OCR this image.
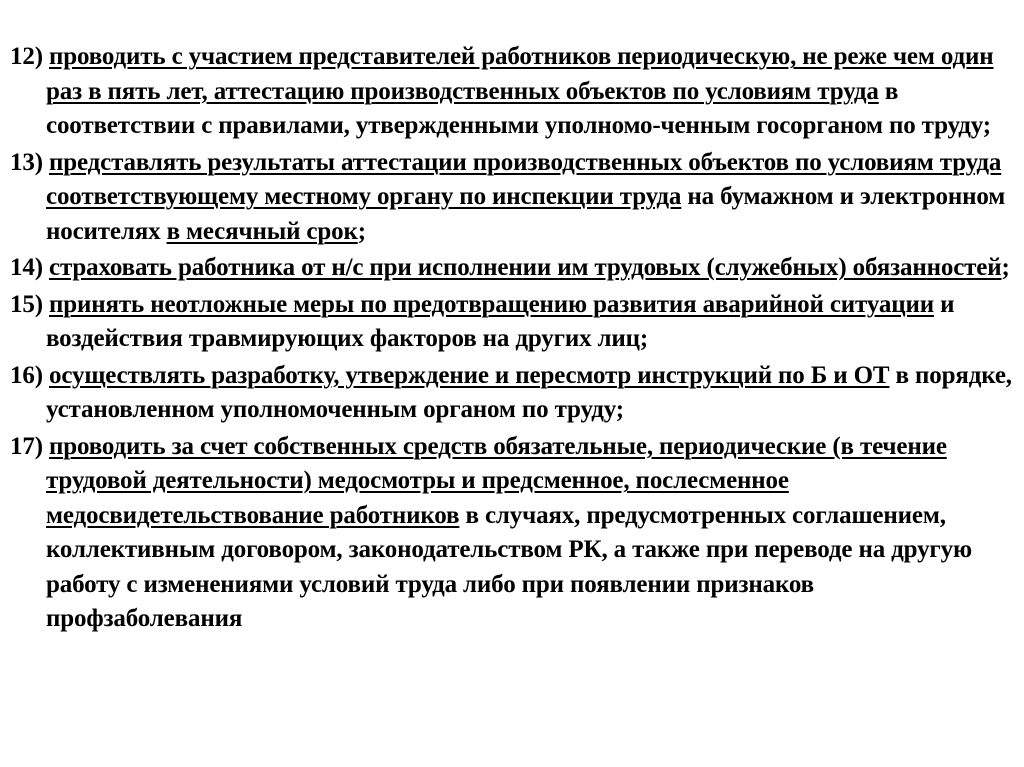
12) проводить с участием представителей работников периодическую, не реже чем один раз в пять лет, аттестацию производственных объектов по условиям труда в соответствии с правилами, утвержденными уполномо-ченным госорганом по труду;
13) представлять результаты аттестации производственных объектов по условиям труда соответствующему местному органу по инспекции труда на бумажном и электронном носителях в месячный срок;
14) страховать работника от н/с при исполнении им трудовых (служебных) обязанностей;
15) принять неотложные меры по предотвращению развития аварийной ситуации и воздействия травмирующих факторов на других лиц;
16) осуществлять разработку, утверждение и пересмотр инструкций по Б и ОТ в порядке, установленном уполномоченным органом по труду;
17) проводить за счет собственных средств обязательные, периодические (в течение трудовой деятельности) медосмотры и предсменное, послесменное медосвидетельствование работников в случаях, предусмотренных соглашением, коллективным договором, законодательством РК, а также при переводе на другую работу с изменениями условий труда либо при появлении признаков профзаболевания
